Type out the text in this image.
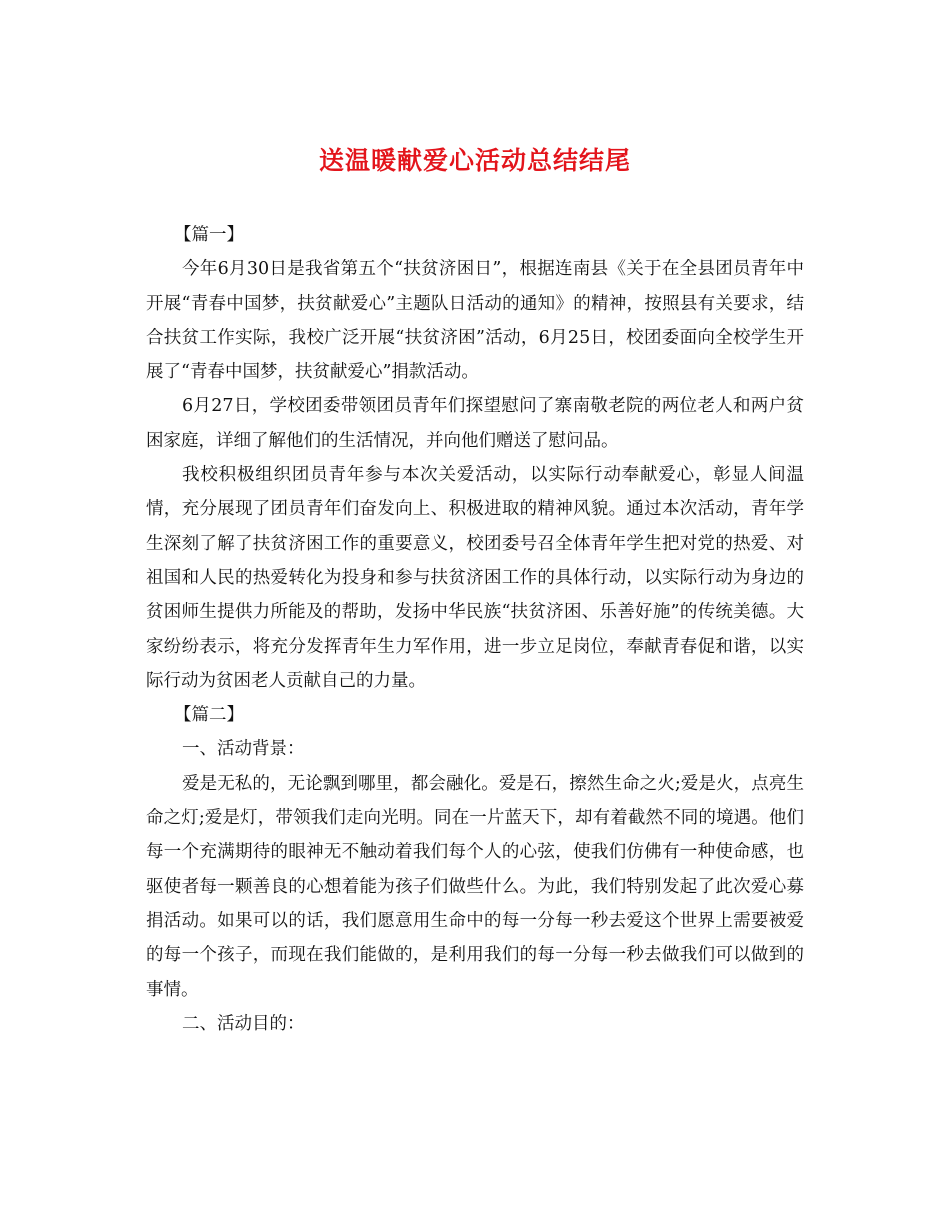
送温暖献爱心活动总结结尾

【篇一】

今年6月30日是我省第五个“扶贫济困日”，根据连南县《关于在全县团员青年中开展“青春中国梦，扶贫献爱心”主题队日活动的通知》的精神，按照县有关要求，结合扶贫工作实际，我校广泛开展“扶贫济困”活动，6月25日，校团委面向全校学生开展了“青春中国梦，扶贫献爱心”捐款活动。

6月27日，学校团委带领团员青年们探望慰问了寨南敬老院的两位老人和两户贫困家庭，详细了解他们的生活情况，并向他们赠送了慰问品。

我校积极组织团员青年参与本次关爱活动，以实际行动奉献爱心，彰显人间温情，充分展现了团员青年们奋发向上、积极进取的精神风貌。通过本次活动，青年学生深刻了解了扶贫济困工作的重要意义，校团委号召全体青年学生把对党的热爱、对祖国和人民的热爱转化为投身和参与扶贫济困工作的具体行动，以实际行动为身边的贫困师生提供力所能及的帮助，发扬中华民族“扶贫济困、乐善好施”的传统美德。大家纷纷表示，将充分发挥青年生力军作用，进一步立足岗位，奉献青春促和谐，以实际行动为贫困老人贡献自己的力量。

【篇二】

一、活动背景：

爱是无私的，无论飘到哪里，都会融化。爱是石，擦然生命之火;爱是火，点亮生命之灯;爱是灯，带领我们走向光明。同在一片蓝天下，却有着截然不同的境遇。他们每一个充满期待的眼神无不触动着我们每个人的心弦，使我们仿佛有一种使命感，也驱使者每一颗善良的心想着能为孩子们做些什么。为此，我们特别发起了此次爱心募捐活动。如果可以的话，我们愿意用生命中的每一分每一秒去爱这个世界上需要被爱的每一个孩子，而现在我们能做的，是利用我们的每一分每一秒去做我们可以做到的事情。

二、活动目的：
